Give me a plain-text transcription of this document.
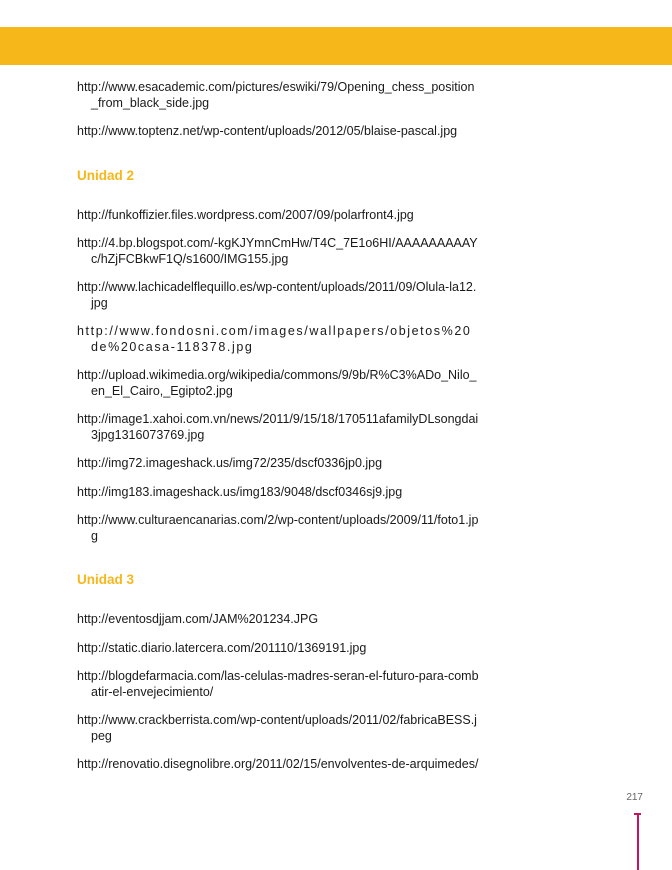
http://www.esacademic.com/pictures/eswiki/79/Opening_chess_position_from_black_side.jpg

http://www.toptenz.net/wp-content/uploads/2012/05/blaise-pascal.jpg

Unidad 2

http://funkoffizier.files.wordpress.com/2007/09/polarfront4.jpg

http://4.bp.blogspot.com/-kgKJYmnCmHw/T4C_7E1o6HI/AAAAAAAAAYc/hZjFCBkwF1Q/s1600/IMG155.jpg

http://www.lachicadelflequillo.es/wp-content/uploads/2011/09/Olula-la12.jpg

http://www.fondosni.com/images/wallpapers/objetos%20de%20casa-118378.jpg

http://upload.wikimedia.org/wikipedia/commons/9/9b/R%C3%ADo_Nilo_en_El_Cairo,_Egipto2.jpg

http://image1.xahoi.com.vn/news/2011/9/15/18/170511afamilyDLsongdai3jpg1316073769.jpg

http://img72.imageshack.us/img72/235/dscf0336jp0.jpg

http://img183.imageshack.us/img183/9048/dscf0346sj9.jpg

http://www.culturaencanarias.com/2/wp-content/uploads/2009/11/foto1.jpg

Unidad 3

http://eventosdjjam.com/JAM%201234.JPG

http://static.diario.latercera.com/201110/1369191.jpg

http://blogdefarmacia.com/las-celulas-madres-seran-el-futuro-para-combatir-el-envejecimiento/

http://www.crackberrista.com/wp-content/uploads/2011/02/fabricaBESS.jpeg

http://renovatio.disegnolibre.org/2011/02/15/envolventes-de-arquimedes/

217
